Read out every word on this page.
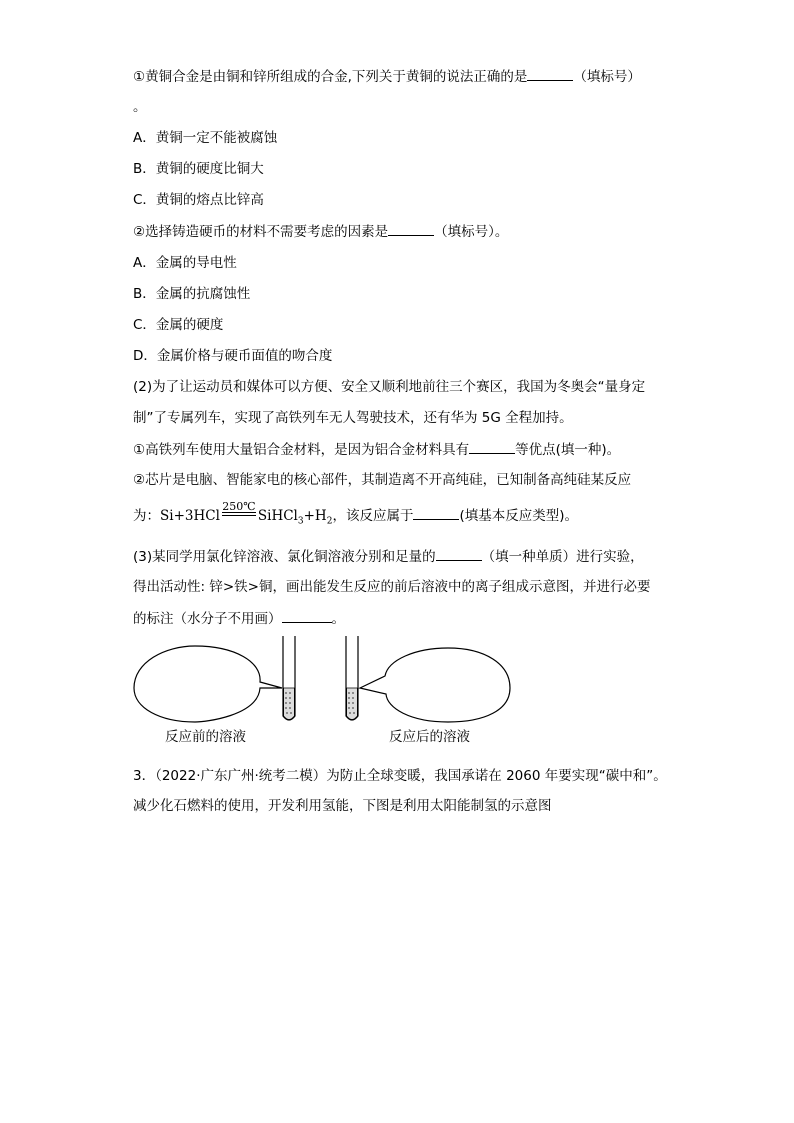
①黄铜合金是由铜和锌所组成的合金,下列关于黄铜的说法正确的是	（填标号）
。
A．黄铜一定不能被腐蚀
B．黄铜的硬度比铜大
C．黄铜的熔点比锌高
②选择铸造硬币的材料不需要考虑的因素是	（填标号）。
A．金属的导电性
B．金属的抗腐蚀性
C．金属的硬度
D．金属价格与硬币面值的吻合度
(2)为了让运动员和媒体可以方便、安全又顺利地前往三个赛区，我国为冬奥会“量身定
制”了专属列车，实现了高铁列车无人驾驶技术，还有华为 5G 全程加持。
①高铁列车使用大量铝合金材料，是因为铝合金材料具有	等优点(填一种)。
②芯片是电脑、智能家电的核心部件，其制造离不开高纯硅，已知制备高纯硅某反应
为：Si+3HCl
250℃
$SiHCl_3+H_2$，该反应属于	(填基本反应类型)。
(3)某同学用氯化锌溶液、氯化铜溶液分别和足量的	（填一种单质）进行实验，
得出活动性: 锌>铁>铜，画出能发生反应的前后溶液中的离子组成示意图，并进行必要
的标注（水分子不用画）	。
反应前的溶液	反应后的溶液
3．（2022·广东广州·统考二模）为防止全球变暖，我国承诺在 2060 年要实现“碳中和”。
减少化石燃料的使用，开发利用氢能，下图是利用太阳能制氢的示意图
